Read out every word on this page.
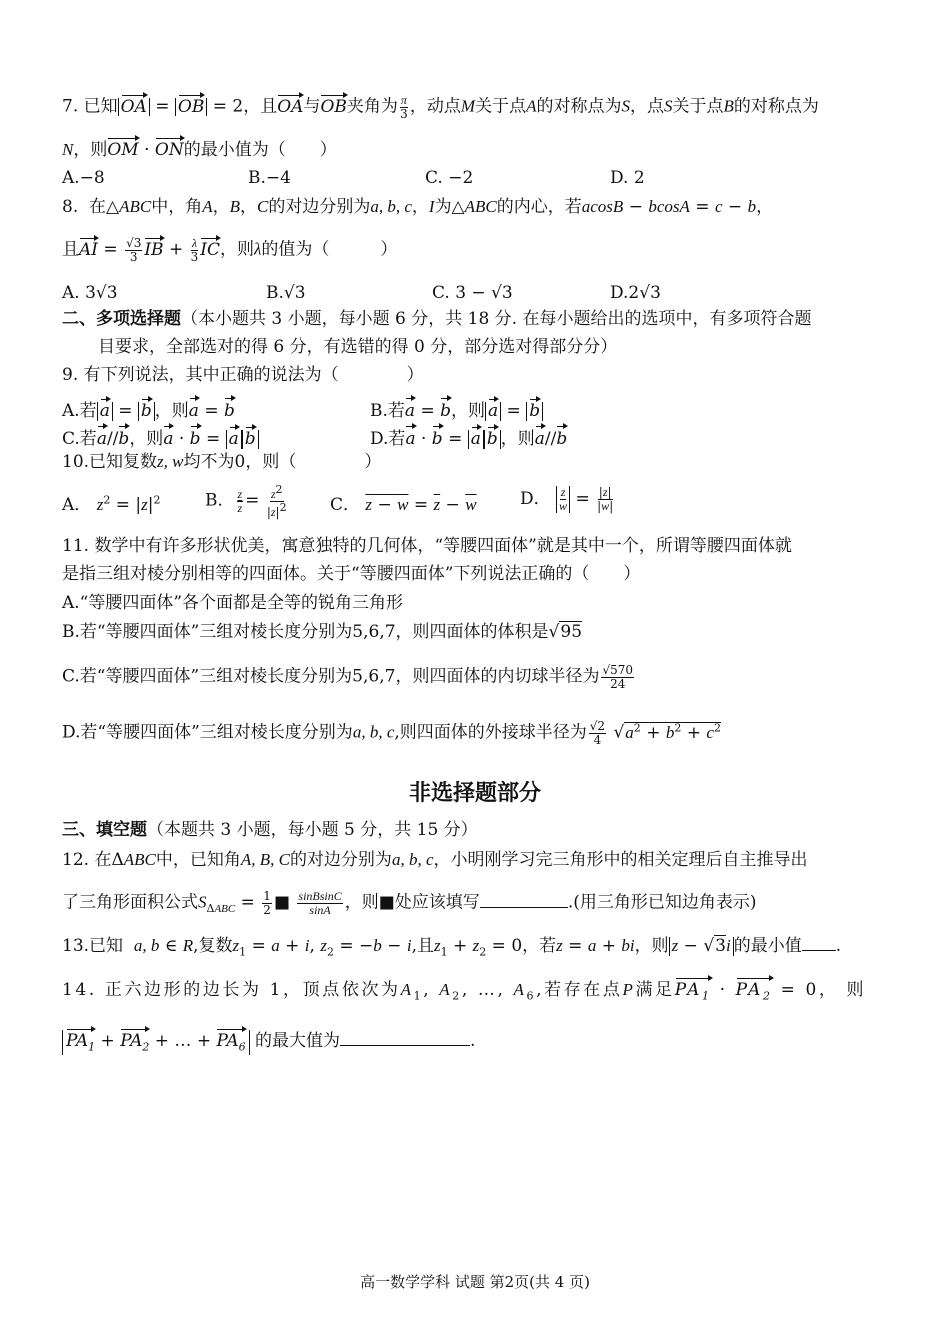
7. 已知 OA = OB = 2，且OA与OB夹角为 $\frac{\pi}{3}$ ，动点M关于点A的对称点为S，点S关于点B的对称点为
N，则OM · ON的最小值为（　　）
A.−8	B.−4	C. −2	D. 2
8.  在△ABC中，角A，B，C的对边分别为a, b, c，I为△ABC的内心，若acosB − bcosA = c − b，
且AI = $\frac{√3}{3}$ IB + $\frac{\lambda}{3}$ IC，则λ的值为（　　　）
A. 3√3	B.√3	C. 3 − √3	D.2√3
二、多项选择题（本小题共 3 小题，每小题 6 分，共 18 分. 在每小题给出的选项中，有多项符合题
目要求，全部选对的得 6 分，有选错的得 0 分，部分选对得部分分）
9. 有下列说法，其中正确的说法为（　　　　）
A.若 a = b ，则a = b	B.若a = b，则 a = b
C.若a//b，则a · b = a b	D.若a · b = a b ，则a//b
10.已知复数z, w均不为0，则（　　　　）
A． $z^2 = |z|^2$	B． $\frac{z}{z} = \frac{z^2}{|z|^2}$	C． $z - w = \overline{z} - \overline{w}$	D． $\frac{z}{w} = \frac{|z|}{|w|}$
11. 数学中有许多形状优美，寓意独特的几何体，“等腰四面体”就是其中一个，所谓等腰四面体就
是指三组对棱分别相等的四面体。关于“等腰四面体”下列说法正确的（　　）
A.“等腰四面体”各个面都是全等的锐角三角形
B.若“等腰四面体”三组对棱长度分别为5,6,7，则四面体的体积是√95
C.若“等腰四面体”三组对棱长度分别为5,6,7，则四面体的内切球半径为 $\frac{√570}{24}$
D.若“等腰四面体”三组对棱长度分别为a, b, c,则四面体的外接球半径为 $\frac{√2}{4} √a^2 + b^2 + c^2$
非选择题部分
三、填空题（本题共 3 小题，每小题 5 分，共 15 分）
12. 在ΔABC中，已知角A, B, C的对边分别为a, b, c，小明刚学习完三角形中的相关定理后自主推导出
了三角形面积公式$S_{\Delta ABC} = \frac{1}{2}$ ■ $\frac{\text{sinBsinC}}{\sin A}$ ，则■处应该填写	.(用三角形已知边角表示)
13.已知  a, b ∈ R,复数$z_1 = a + i$, $z_2 = -b - i$,且$z_1 + z_2 = 0$，若z = a + bi，则 z − √3i 的最小值 .
14. 正六边形的边长为 1，顶点依次为$A_1$, $A_2$, …, $A_6$,若存在点P满足$PA_1 \cdot PA_2 = 0$， 则
$PA_1 + PA_2$ + … + $PA_6$ 的最大值为	.
高一数学学科 试题 第2页(共 4 页)
